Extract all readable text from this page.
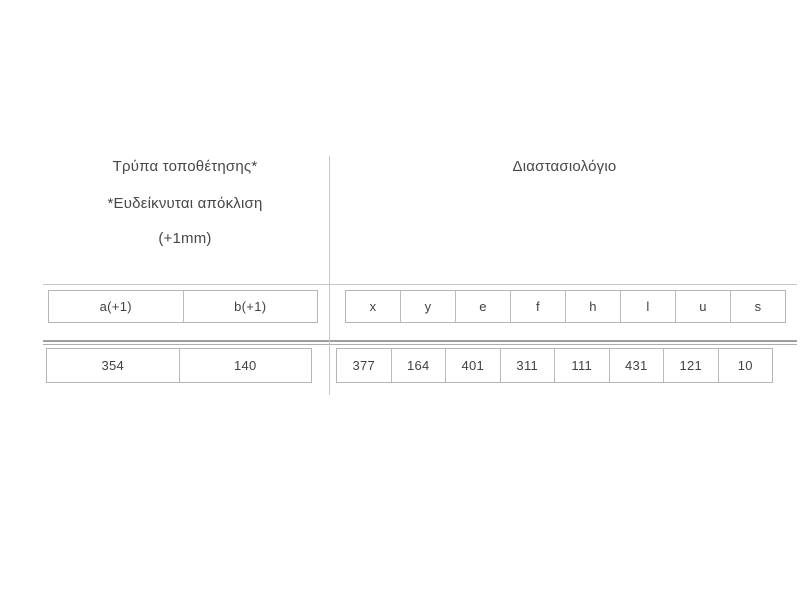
Τρύπα τοποθέτησης*
*Ευδείκνυται απόκλιση
(+1mm)
Διαστασιολόγιο
a(+1)	b(+1)	x	y	e	f	h	l	u	s
354	140	377	164	401	311	111	431	121	10
